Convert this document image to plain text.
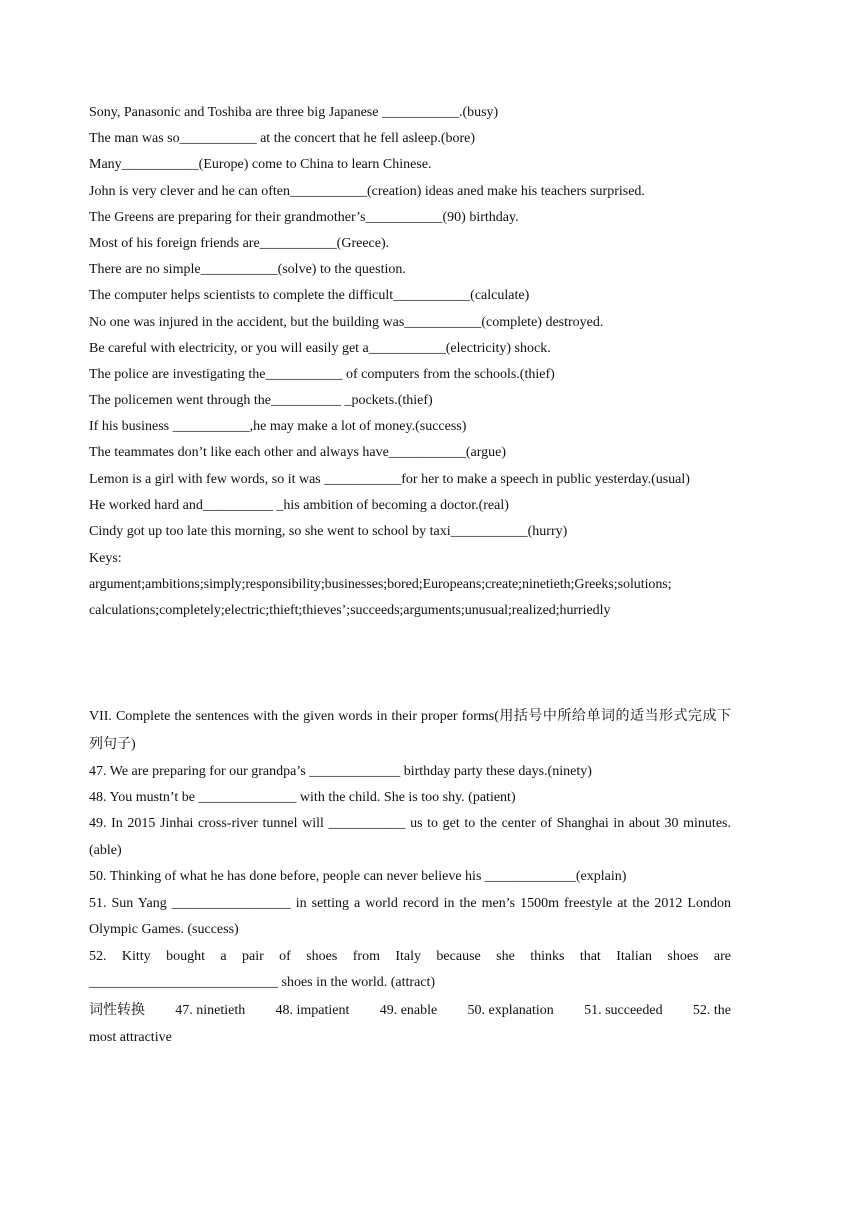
Sony, Panasonic and Toshiba are three big Japanese ___________.(busy)
The man was so___________ at the concert that he fell asleep.(bore)
Many___________(Europe) come to China to learn Chinese.
John is very clever and he can often___________(creation) ideas aned make his teachers surprised.
The Greens are preparing for their grandmother’s___________(90) birthday.
Most of his foreign friends are___________(Greece).
There are no simple___________(solve) to the question.
The computer helps scientists to complete the difficult___________(calculate)
No one was injured in the accident, but the building was___________(complete) destroyed.
Be careful with electricity, or you will easily get a___________(electricity) shock.
The police are investigating the___________ of computers from the schools.(thief)
The policemen went through the__________ _pockets.(thief)
If his business ___________,he may make a lot of money.(success)
The teammates don’t like each other and always have___________(argue)
Lemon is a girl with few words, so it was ___________for her to make a speech in public yesterday.(usual)
He worked hard and__________ _his ambition of becoming a doctor.(real)
Cindy got up too late this morning, so she went to school by taxi___________(hurry)
Keys:
argument;ambitions;simply;responsibility;businesses;bored;Europeans;create;ninetieth;Greeks;solutions;
calculations;completely;electric;thieft;thieves’;succeeds;arguments;unusual;realized;hurriedly
VII. Complete the sentences with the given words in their proper forms(用括号中所给单词的适当形式完成下列句子)
47. We are preparing for our grandpa’s _____________ birthday party these days.(ninety)
48. You mustn’t be ______________ with the child. She is too shy. (patient)
49. In 2015 Jinhai cross-river tunnel will ___________ us to get to the center of Shanghai in about 30 minutes. (able)
50. Thinking of what he has done before, people can never believe his _____________(explain)
51. Sun Yang _________________ in setting a world record in the men’s 1500m freestyle at the 2012 London Olympic Games. (success)
52. Kitty bought a pair of shoes from Italy because she thinks that Italian shoes are ___________________________ shoes in the world. (attract)
词性转换 47. ninetieth 48. impatient 49. enable 50. explanation 51. succeeded 52. the
most attractive
